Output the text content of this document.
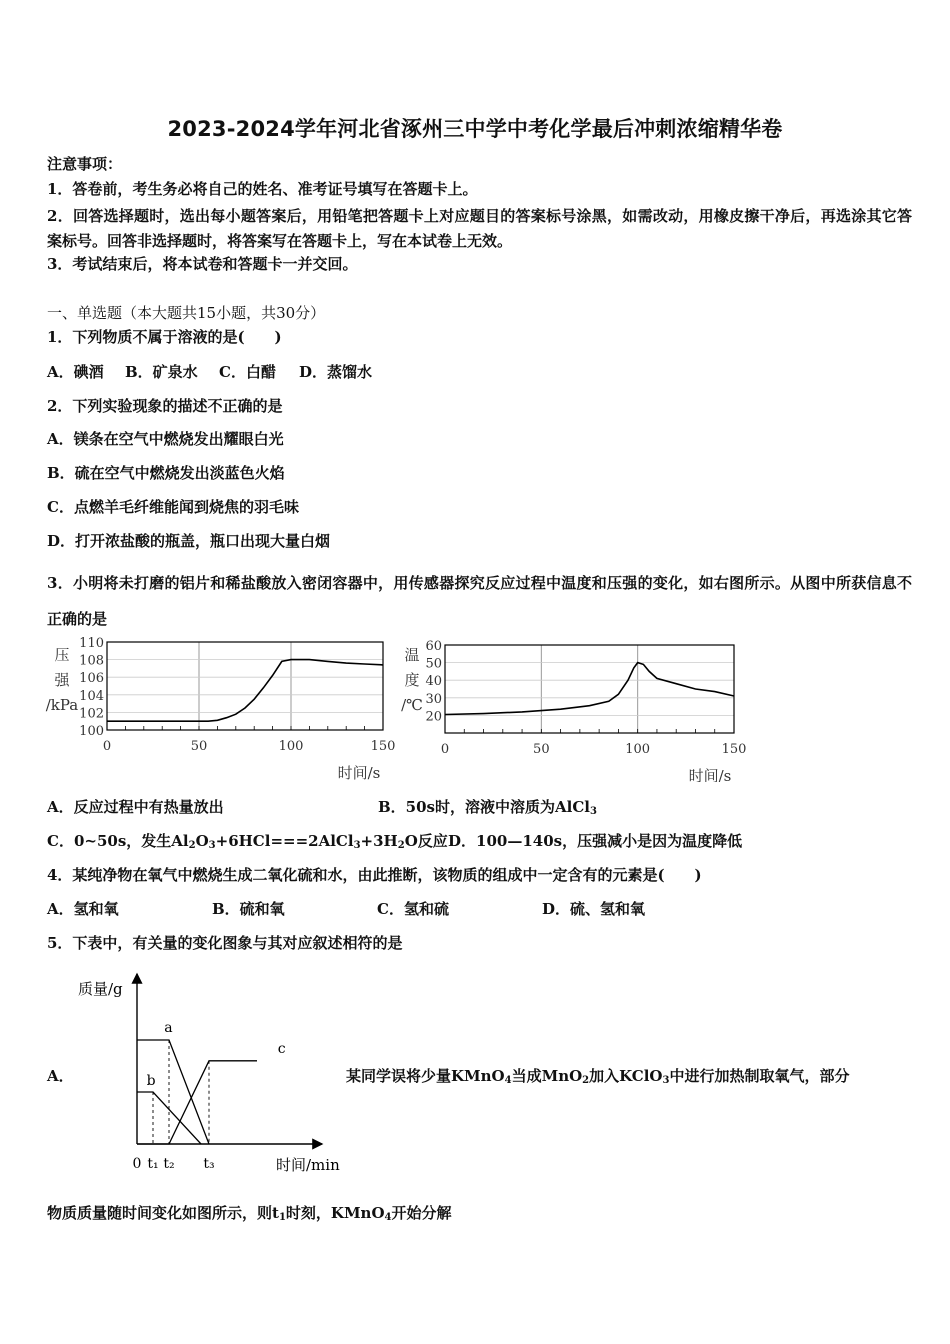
2023-2024学年河北省涿州三中学中考化学最后冲刺浓缩精华卷
注意事项：
1．答卷前，考生务必将自己的姓名、准考证号填写在答题卡上。
2．回答选择题时，选出每小题答案后，用铅笔把答题卡上对应题目的答案标号涂黑，如需改动，用橡皮擦干净后，再选涂其它答案标号。回答非选择题时，将答案写在答题卡上，写在本试卷上无效。
3．考试结束后，将本试卷和答题卡一并交回。
一、单选题（本大题共15小题，共30分）
1．下列物质不属于溶液的是(　　)
A．碘酒 B．矿泉水 C．白醋 D．蒸馏水
2．下列实验现象的描述不正确的是
A．镁条在空气中燃烧发出耀眼白光
B．硫在空气中燃烧发出淡蓝色火焰
C．点燃羊毛纤维能闻到烧焦的羽毛味
D．打开浓盐酸的瓶盖，瓶口出现大量白烟
3．小明将未打磨的铝片和稀盐酸放入密闭容器中，用传感器探究反应过程中温度和压强的变化，如右图所示。从图中所获信息不正确的是
0	50	100	150
100
102
104
106
108
110
压
强
/kPa
时间/s
0	50	100	150
20
30
40
50
60
温
度
/℃
时间/s
A．反应过程中有热量放出	B．50s时，溶液中溶质为AlCl$_3$
C．0~50s，发生$Al_2O_3+6HCl===2AlCl_3+3H_2O$反应 D．100—140s，压强减小是因为温度降低
4．某纯净物在氧气中燃烧生成二氧化硫和水，由此推断，该物质的组成中一定含有的元素是(　　)
A．氢和氧	B．硫和氧	C．氢和硫	D．硫、氢和氧
5．下表中，有关量的变化图象与其对应叙述相符的是
A．
质量/g
时间/min
0 t₁ t₂ t₃
a
b
c
某同学误将少量KMnO$_4$当成MnO$_2$加入KClO$_3$中进行加热制取氧气，部分
物质质量随时间变化如图所示，则$t_1$时刻，KMnO$_4$开始分解
